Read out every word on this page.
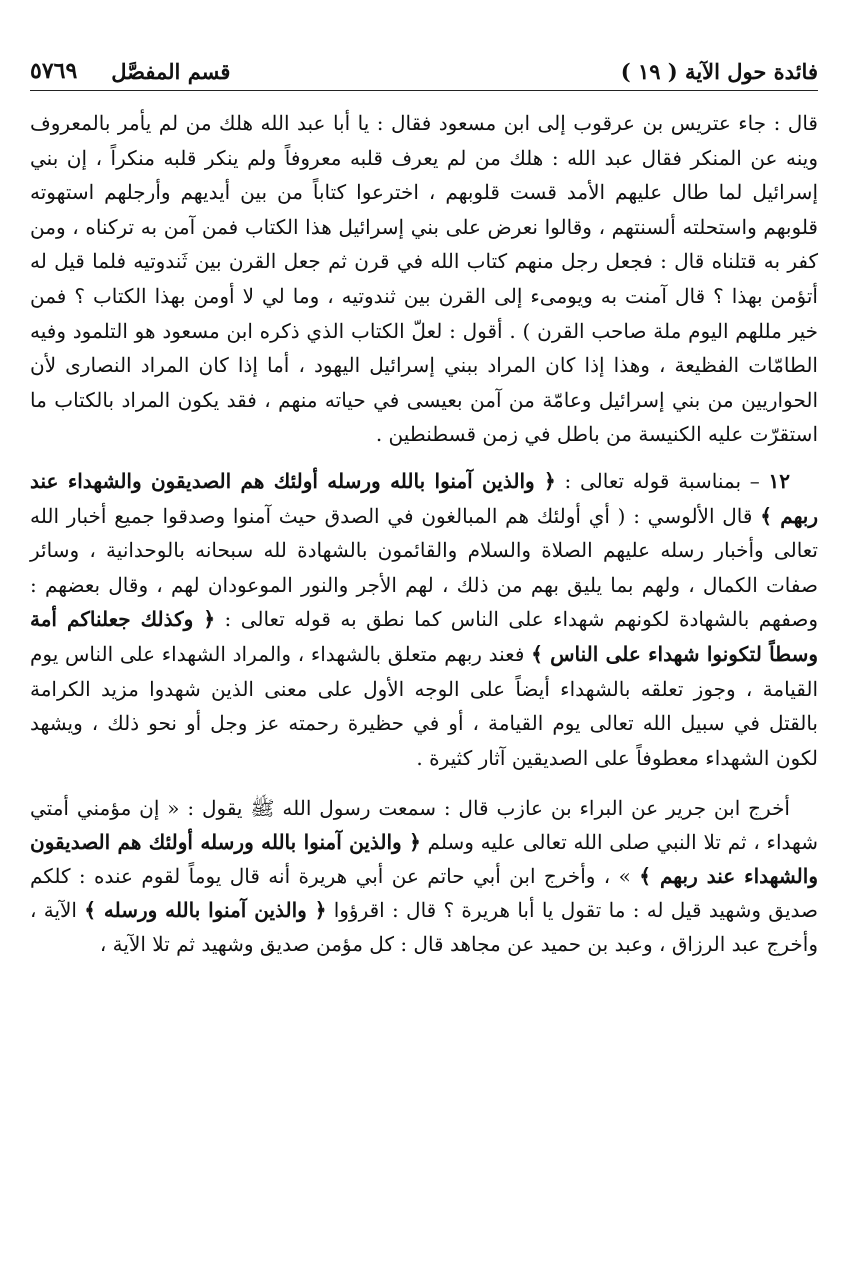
٥٧٦٩ قسم المفصَّل	فائدة حول الآية ( ١٩ )

قال : جاء عتريس بن عرقوب إلى ابن مسعود فقال : يا أبا عبد الله هلك من لم يأمر بالمعروف وينه عن المنكر فقال عبد الله : هلك من لم يعرف قلبه معروفاً ولم ينكر قلبه منكراً ، إن بني إسرائيل لما طال عليهم الأمد قست قلوبهم ، اخترعوا كتاباً من بين أيديهم وأرجلهم استهوته قلوبهم واستحلته ألسنتهم ، وقالوا نعرض على بني إسرائيل هذا الكتاب فمن آمن به تركناه ، ومن كفر به قتلناه قال : فجعل رجل منهم كتاب الله في قرن ثم جعل القرن بين ثَندوتيه فلما قيل له أتؤمن بهذا ؟ قال آمنت به ويومىء إلى القرن بين ثندوتيه ، وما لي لا أومن بهذا الكتاب ؟ فمن خير مللهم اليوم ملة صاحب القرن ) . أقول : لعلّ الكتاب الذي ذكره ابن مسعود هو التلمود وفيه الطامّات الفظيعة ، وهذا إذا كان المراد ببني إسرائيل اليهود ، أما إذا كان المراد النصارى لأن الحواريين من بني إسرائيل وعامّة من آمن بعيسى في حياته منهم ، فقد يكون المراد بالكتاب ما استقرّت عليه الكنيسة من باطل في زمن قسطنطين .

١٢ – بمناسبة قوله تعالى : ﴿ والذين آمنوا بالله ورسله أولئك هم الصديقون والشهداء عند ربهم ﴾ قال الألوسي : ( أي أولئك هم المبالغون في الصدق حيث آمنوا وصدقوا جميع أخبار الله تعالى وأخبار رسله عليهم الصلاة والسلام والقائمون بالشهادة لله سبحانه بالوحدانية ، وسائر صفات الكمال ، ولهم بما يليق بهم من ذلك ، لهم الأجر والنور الموعودان لهم ، وقال بعضهم : وصفهم بالشهادة لكونهم شهداء على الناس كما نطق به قوله تعالى : ﴿ وكذلك جعلناكم أمة وسطاً لتكونوا شهداء على الناس ﴾ فعند ربهم متعلق بالشهداء ، والمراد الشهداء على الناس يوم القيامة ، وجوز تعلقه بالشهداء أيضاً على الوجه الأول على معنى الذين شهدوا مزيد الكرامة بالقتل في سبيل الله تعالى يوم القيامة ، أو في حظيرة رحمته عز وجل أو نحو ذلك ، ويشهد لكون الشهداء معطوفاً على الصديقين آثار كثيرة .

أخرج ابن جرير عن البراء بن عازب قال : سمعت رسول الله ﷺ يقول : « إن مؤمني أمتي شهداء ، ثم تلا النبي صلى الله تعالى عليه وسلم ﴿ والذين آمنوا بالله ورسله أولئك هم الصديقون والشهداء عند ربهم ﴾ » ، وأخرج ابن أبي حاتم عن أبي هريرة أنه قال يوماً لقوم عنده : كلكم صديق وشهيد قيل له : ما تقول يا أبا هريرة ؟ قال : اقرؤوا ﴿ والذين آمنوا بالله ورسله ﴾ الآية ، وأخرج عبد الرزاق ، وعبد بن حميد عن مجاهد قال : كل مؤمن صديق وشهيد ثم تلا الآية ،
